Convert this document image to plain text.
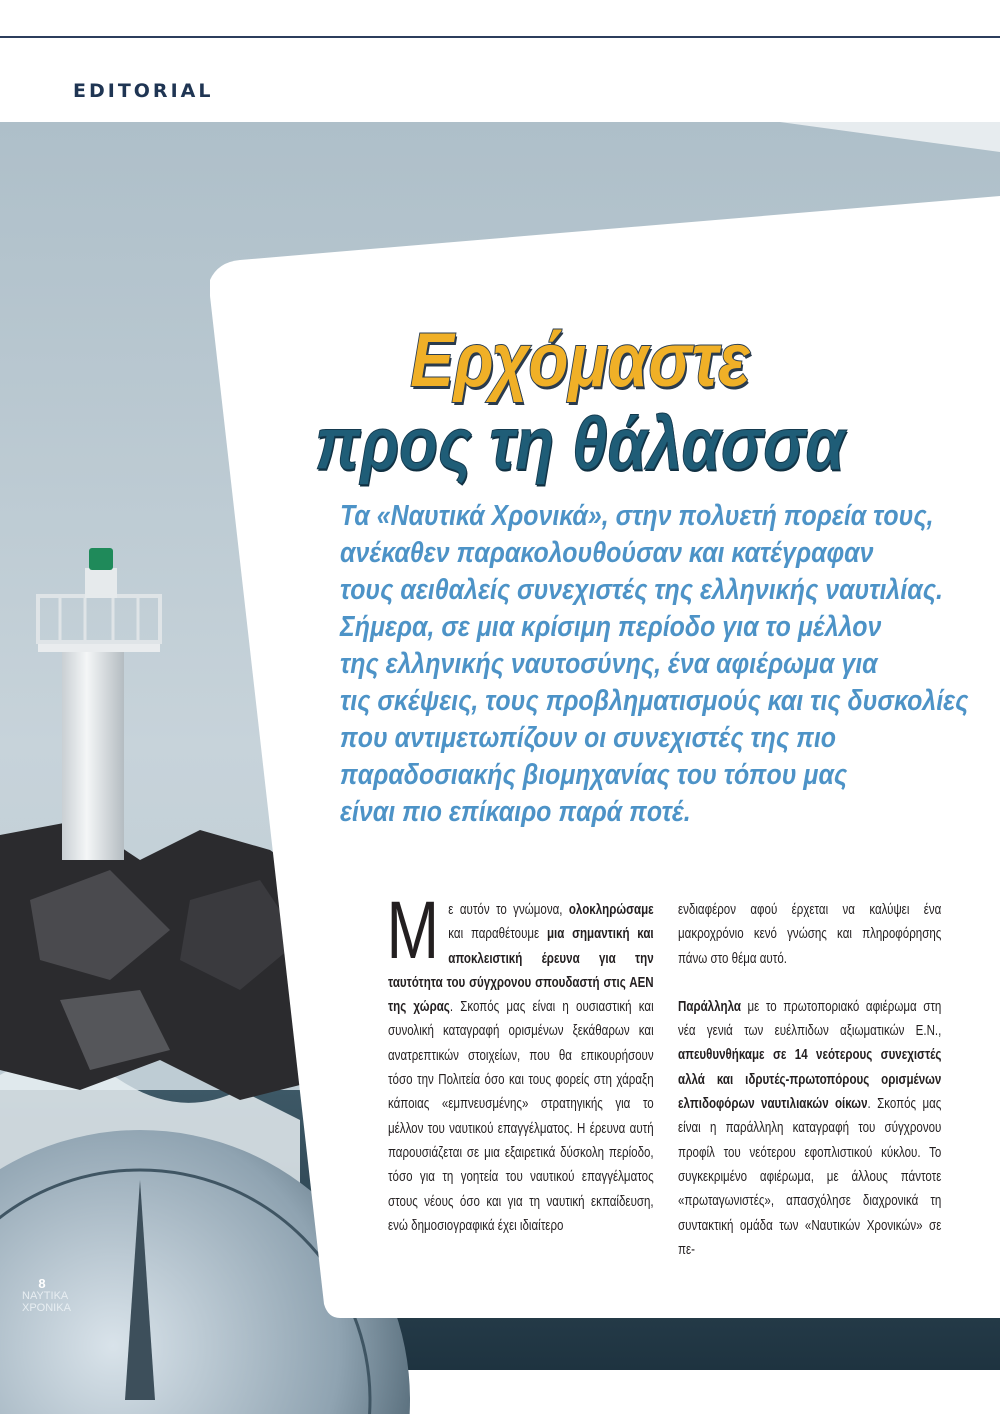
EDITORIAL
Ερχόμαστε
προς τη θάλασσα
Τα «Ναυτικά Χρονικά», στην πολυετή πορεία τους,
ανέκαθεν παρακολουθούσαν και κατέγραφαν
τους αειθαλείς συνεχιστές της ελληνικής ναυτιλίας.
Σήμερα, σε μια κρίσιμη περίοδο για το μέλλον
της ελληνικής ναυτοσύνης, ένα αφιέρωμα για
τις σκέψεις, τους προβληματισμούς και τις δυσκολίες
που αντιμετωπίζουν οι συνεχιστές της πιο
παραδοσιακής βιομηχανίας του τόπου μας
είναι πιο επίκαιρο παρά ποτέ.
Με αυτόν το γνώμονα, ολοκληρώσαμε και παραθέτουμε μια σημαντική και αποκλειστική έρευνα για την ταυτότητα του σύγχρονου σπουδαστή στις ΑΕΝ της χώρας. Σκοπός μας είναι η ουσιαστική και συνολική καταγραφή ορισμένων ξεκάθαρων και ανατρεπτικών στοιχείων, που θα επικουρήσουν τόσο την Πολιτεία όσο και τους φορείς στη χάραξη κάποιας «εμπνευσμένης» στρατηγικής για το μέλλον του ναυτικού επαγγέλματος. Η έρευνα αυτή παρουσιάζεται σε μια εξαιρετικά δύσκολη περίοδο, τόσο για τη γοητεία του ναυτικού επαγγέλματος στους νέους όσο και για τη ναυτική εκπαίδευση, ενώ δημοσιογραφικά έχει ιδιαίτερο
ενδιαφέρον αφού έρχεται να καλύψει ένα μακροχρόνιο κενό γνώσης και πληροφόρησης πάνω στο θέμα αυτό.
Παράλληλα με το πρωτοποριακό αφιέρωμα στη νέα γενιά των ευέλπιδων αξιωματικών Ε.Ν., απευθυνθήκαμε σε 14 νεότερους συνεχιστές αλλά και ιδρυτές-πρωτοπόρους ορισμένων ελπιδοφόρων ναυτιλιακών οίκων. Σκοπός μας είναι η παράλληλη καταγραφή του σύγχρονου προφίλ του νεότερου εφοπλιστικού κύκλου. Το συγκεκριμένο αφιέρωμα, με άλλους πάντοτε «πρωταγωνιστές», απασχόλησε διαχρονικά τη συντακτική ομάδα των «Ναυτικών Χρονικών» σε πε-
8
ΝΑΥΤΙΚΑ
ΧΡΟΝΙΚΑ
